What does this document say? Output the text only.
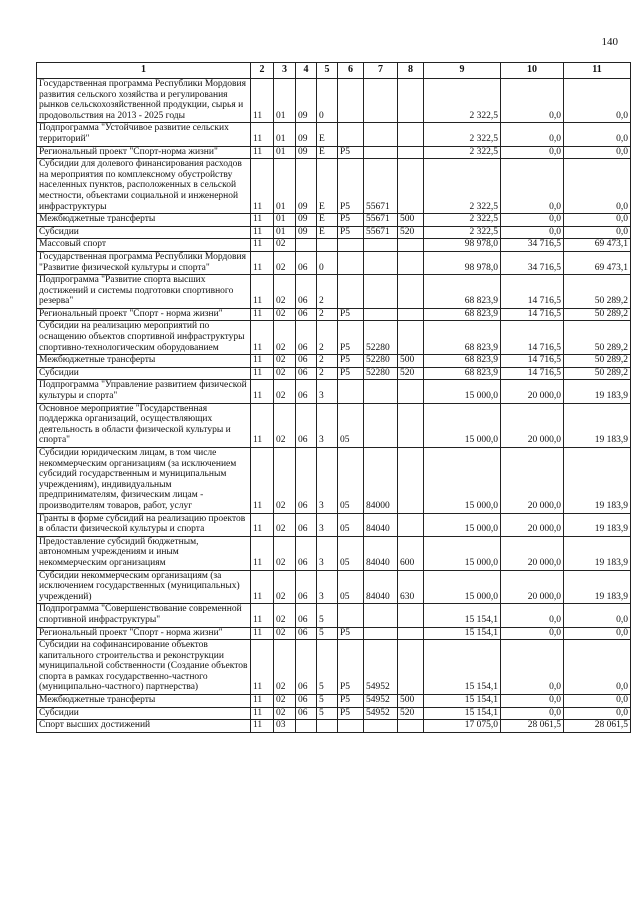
140
1	2	3	4	5	6	7	8	9	10	11
Государственная программа Республики Мордовия развития сельского хозяйства и регулирования рынков сельскохозяйственной продукции, сырья и продовольствия на 2013 - 2025 годы	11	01	09	0				2 322,5	0,0	0,0
Подпрограмма "Устойчивое развитие сельских территорий"	11	01	09	Е				2 322,5	0,0	0,0
Региональный проект "Спорт-норма жизни"	11	01	09	Е	Р5			2 322,5	0,0	0,0
Субсидии для долевого финансирования расходов на мероприятия по комплексному обустройству населенных пунктов, расположенных в сельской местности, объектами социальной и инженерной инфраструктуры	11	01	09	Е	Р5	55671		2 322,5	0,0	0,0
Межбюджетные трансферты	11	01	09	Е	Р5	55671	500	2 322,5	0,0	0,0
Субсидии	11	01	09	Е	Р5	55671	520	2 322,5	0,0	0,0
Массовый спорт	11	02						98 978,0	34 716,5	69 473,1
Государственная программа Республики Мордовия "Развитие физической культуры и спорта"	11	02	06	0				98 978,0	34 716,5	69 473,1
Подпрограмма "Развитие спорта высших достижений и системы подготовки спортивного резерва"	11	02	06	2				68 823,9	14 716,5	50 289,2
Региональный проект "Спорт - норма жизни"	11	02	06	2	Р5			68 823,9	14 716,5	50 289,2
Субсидии на реализацию мероприятий по оснащению объектов спортивной инфраструктуры спортивно-технологическим оборудованием	11	02	06	2	Р5	52280		68 823,9	14 716,5	50 289,2
Межбюджетные трансферты	11	02	06	2	Р5	52280	500	68 823,9	14 716,5	50 289,2
Субсидии	11	02	06	2	Р5	52280	520	68 823,9	14 716,5	50 289,2
Подпрограмма "Управление развитием физической культуры и спорта"	11	02	06	3				15 000,0	20 000,0	19 183,9
Основное мероприятие "Государственная поддержка организаций, осуществляющих деятельность в области физической культуры и спорта"	11	02	06	3	05			15 000,0	20 000,0	19 183,9
Субсидии юридическим лицам, в том числе некоммерческим организациям (за исключением субсидий государственным и муниципальным учреждениям), индивидуальным предпринимателям, физическим лицам - производителям товаров, работ, услуг	11	02	06	3	05	84000		15 000,0	20 000,0	19 183,9
Гранты в форме субсидий на реализацию проектов в области физической культуры и спорта	11	02	06	3	05	84040		15 000,0	20 000,0	19 183,9
Предоставление субсидий бюджетным, автономным учреждениям и иным некоммерческим организациям	11	02	06	3	05	84040	600	15 000,0	20 000,0	19 183,9
Субсидии некоммерческим организациям (за исключением государственных (муниципальных) учреждений)	11	02	06	3	05	84040	630	15 000,0	20 000,0	19 183,9
Подпрограмма "Совершенствование современной спортивной инфраструктуры"	11	02	06	5				15 154,1	0,0	0,0
Региональный проект "Спорт - норма жизни"	11	02	06	5	Р5			15 154,1	0,0	0,0
Субсидии на софинансирование объектов капитального строительства и реконструкции муниципальной собственности (Создание объектов спорта в рамках государственно-частного (муниципально-частного) партнерства)	11	02	06	5	Р5	54952		15 154,1	0,0	0,0
Межбюджетные трансферты	11	02	06	5	Р5	54952	500	15 154,1	0,0	0,0
Субсидии	11	02	06	5	Р5	54952	520	15 154,1	0,0	0,0
Спорт высших достижений	11	03						17 075,0	28 061,5	28 061,5
